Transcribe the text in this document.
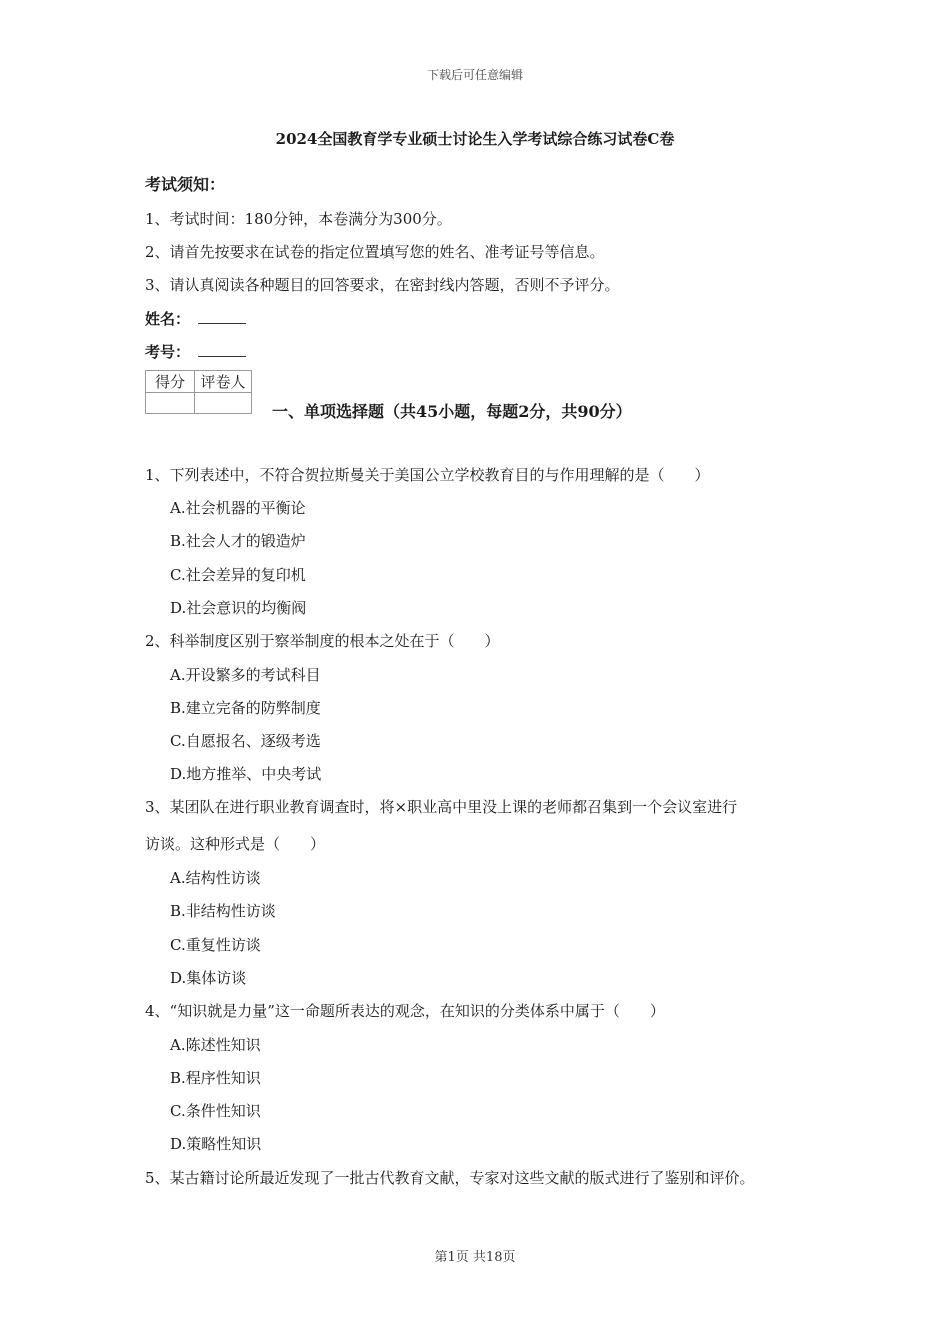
下载后可任意编辑
2024全国教育学专业硕士讨论生入学考试综合练习试卷C卷
考试须知：
1、考试时间：180分钟，本卷满分为300分。
2、请首先按要求在试卷的指定位置填写您的姓名、准考证号等信息。
3、请认真阅读各种题目的回答要求，在密封线内答题，否则不予评分。
姓名：
考号：
得分	评卷人

一、单项选择题（共45小题，每题2分，共90分）
1、下列表述中，不符合贺拉斯曼关于美国公立学校教育目的与作用理解的是（　　）
A.社会机器的平衡论
B.社会人才的锻造炉
C.社会差异的复印机
D.社会意识的均衡阀
2、科举制度区别于察举制度的根本之处在于（　　）
A.开设繁多的考试科目
B.建立完备的防弊制度
C.自愿报名、逐级考选
D.地方推举、中央考试
3、某团队在进行职业教育调查时，将×职业高中里没上课的老师都召集到一个会议室进行
访谈。这种形式是（　　）
A.结构性访谈
B.非结构性访谈
C.重复性访谈
D.集体访谈
4、“知识就是力量”这一命题所表达的观念，在知识的分类体系中属于（　　）
A.陈述性知识
B.程序性知识
C.条件性知识
D.策略性知识
5、某古籍讨论所最近发现了一批古代教育文献，专家对这些文献的版式进行了鉴别和评价。
第1页 共18页
